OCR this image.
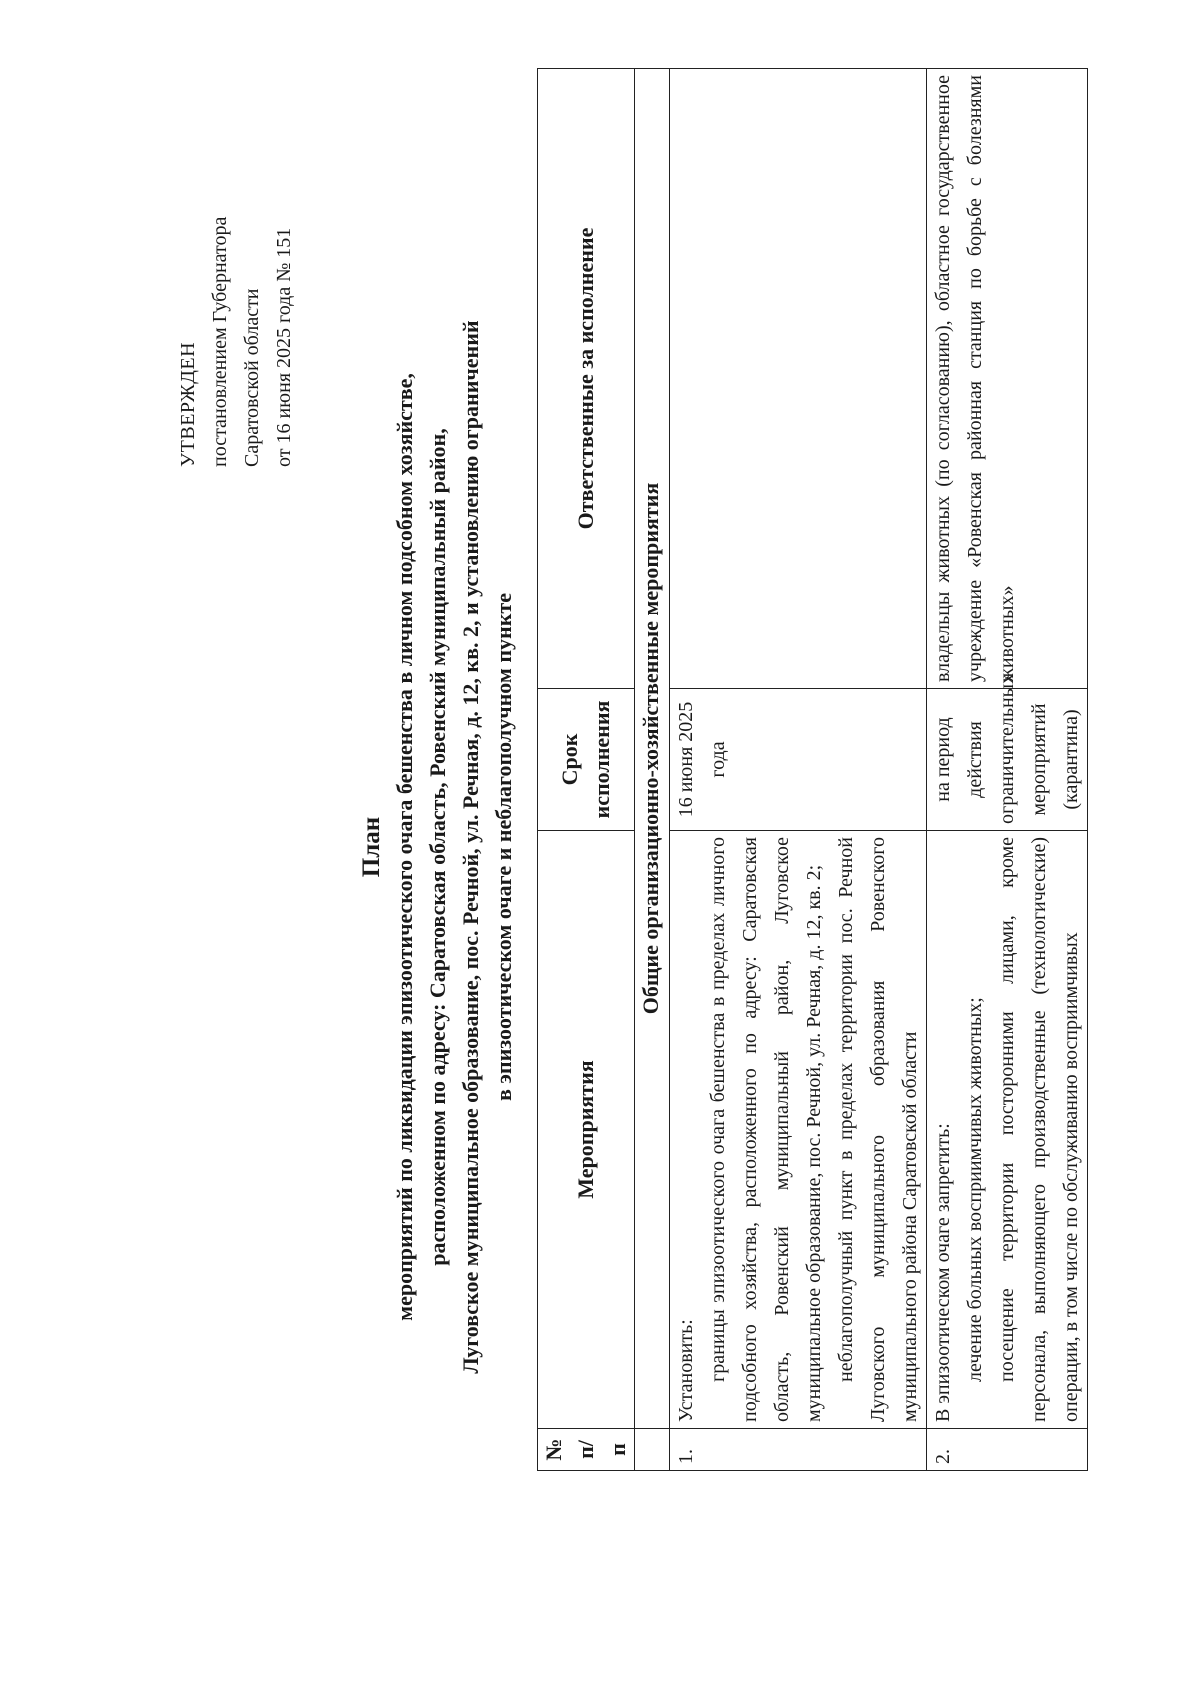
УТВЕРЖДЕН постановлением Губернатора Саратовской области от 16 июня 2025 года № 151
План мероприятий по ликвидации эпизоотического очага бешенства в личном подсобном хозяйстве, расположенном по адресу: Саратовская область, Ровенский муниципальный район, Луговское муниципальное образование, пос. Речной, ул. Речная, д. 12, кв. 2, и установлению ограничений в эпизоотическом очаге и неблагополучном пункте
№ п/п	Мероприятия	Срок исполнения	Ответственные за исполнение
	Общие организационно-хозяйственные мероприятия		
1.	Установить: границы эпизоотического очага бешенства в пределах личного подсобного хозяйства, расположенного по адресу: Саратовская область, Ровенский муниципальный район, Луговское муниципальное образование, пос. Речной, ул. Речная, д. 12, кв. 2; неблагополучный пункт в пределах территории пос. Речной Луговского муниципального образования Ровенского муниципального района Саратовской области	16 июня 2025 года	
2.	В эпизоотическом очаге запретить: лечение больных восприимчивых животных; посещение территории посторонними лицами, кроме персонала, выполняющего производственные (технологические) операции, в том числе по обслуживанию восприимчивых	на период действия ограничительных мероприятий (карантина)	владельцы животных (по согласованию), областное государственное учреждение «Ровенская районная станция по борьбе с болезнями животных»
